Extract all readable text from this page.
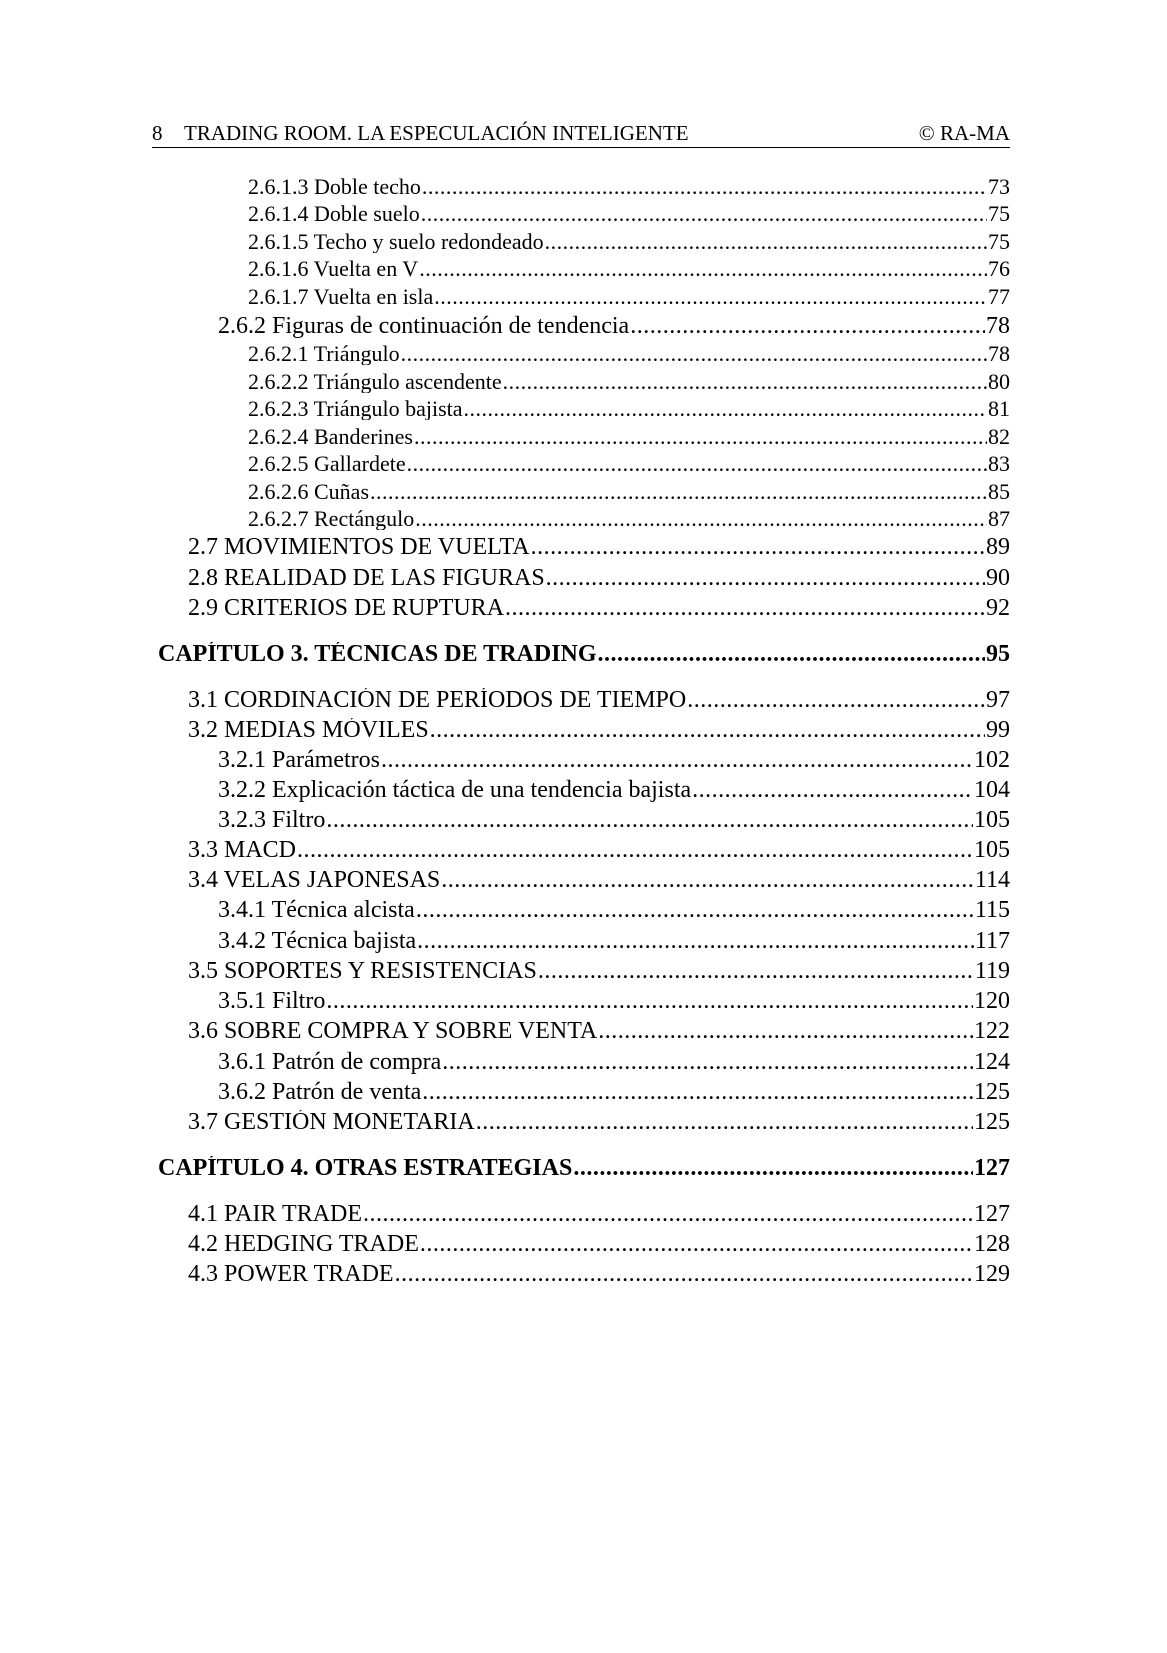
8	TRADING ROOM. LA ESPECULACIÓN INTELIGENTE	© RA-MA
2.6.1.3 Doble techo .....	73
2.6.1.4 Doble suelo .....	75
2.6.1.5 Techo y suelo redondeado .....	75
2.6.1.6 Vuelta en V .....	76
2.6.1.7 Vuelta en isla .....	77
2.6.2 Figuras de continuación de tendencia .....	78
2.6.2.1 Triángulo .....	78
2.6.2.2 Triángulo ascendente .....	80
2.6.2.3 Triángulo bajista .....	81
2.6.2.4 Banderines .....	82
2.6.2.5 Gallardete .....	83
2.6.2.6 Cuñas .....	85
2.6.2.7 Rectángulo .....	87
2.7 MOVIMIENTOS DE VUELTA .....	89
2.8 REALIDAD DE LAS FIGURAS .....	90
2.9 CRITERIOS DE RUPTURA .....	92
CAPÍTULO 3. TÉCNICAS DE TRADING .....	95
3.1 CORDINACIÓN DE PERÍODOS DE TIEMPO .....	97
3.2 MEDIAS MÓVILES .....	99
3.2.1 Parámetros .....	102
3.2.2 Explicación táctica de una tendencia bajista .....	104
3.2.3 Filtro .....	105
3.3 MACD .....	105
3.4 VELAS JAPONESAS .....	114
3.4.1 Técnica alcista .....	115
3.4.2 Técnica bajista .....	117
3.5 SOPORTES Y RESISTENCIAS .....	119
3.5.1 Filtro .....	120
3.6 SOBRE COMPRA Y SOBRE VENTA .....	122
3.6.1 Patrón de compra .....	124
3.6.2 Patrón de venta .....	125
3.7 GESTIÓN MONETARIA .....	125
CAPÍTULO 4. OTRAS ESTRATEGIAS .....	127
4.1 PAIR TRADE .....	127
4.2 HEDGING TRADE .....	128
4.3 POWER TRADE .....	129
